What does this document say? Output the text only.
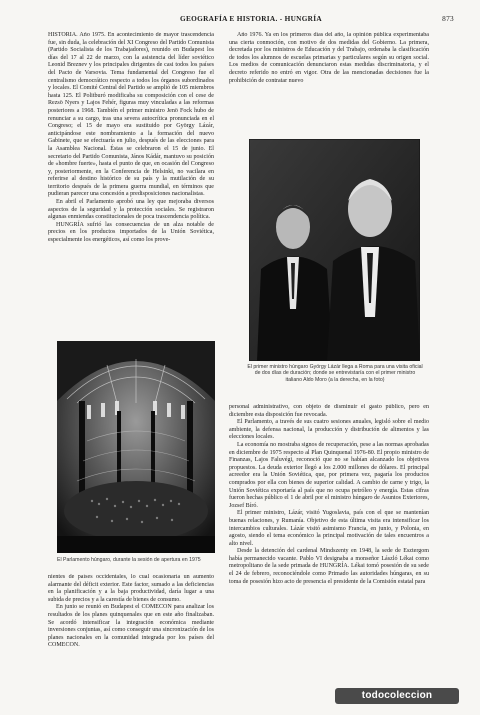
GEOGRAFÍA E HISTORIA. - HUNGRÍA	873

HISTORIA. Año 1975. En acontecimiento de mayor trascendencia fue, sin duda, la celebración del XI Congreso del Partido Comunista (Partido Socialista de los Trabajadores), reunido en Budapest los días del 17 al 22 de marzo, con la asistencia del líder soviético Leonid Breznev y los principales dirigentes de casi todos los países del Pacto de Varsovia. Tema fundamental del Congreso fue el centralismo democrático respecto a todos los órganos subordinados y locales. El Comité Central del Partido se amplió de 105 miembros hasta 125. El Politburó modificaba su composición con el cese de Rezsö Nyers y Lajos Fehér, figuras muy vinculadas a las reformas posteriores a 1968. También el primer ministro Jenö Fock hubo de renunciar a su cargo, tras una severa autocrítica pronunciada en el Congreso; el 15 de mayo era sustituido por György Lázár, anticipándose este nombramiento a la formación del nuevo Gabinete, que se efectuaría en julio, después de las elecciones para la Asamblea Nacional. Éstas se celebraron el 15 de junio. El secretario del Partido Comunista, János Kádár, mantuvo su posición de «hombre fuerte», hasta el punto de que, en ocasión del Congreso y, posteriormente, en la Conferencia de Helsinki, no vacilara en referirse al destino histórico de su país y la mutilación de su territorio después de la primera guerra mundial, en términos que pudieran parecer una concesión a predisposiciones nacionalistas.

En abril el Parlamento aprobó una ley que mejoraba diversos aspectos de la seguridad y la protección sociales. Se registraron algunas enmiendas constitucionales de poca trascendencia política.

HUNGRÍA sufrió las consecuencias de un alza notable de precios en los productos importados de la Unión Soviética, especialmente los energéticos, así como los prove-

Año 1976. Ya en los primeros días del año, la opinión pública experimentaba una cierta conmoción, con motivo de dos medidas del Gobierno. La primera, decretada por los ministros de Educación y del Trabajo, ordenaba la clasificación de todos los alumnos de escuelas primarias y particulares según su origen social. Los medios de comunicación denunciaron estas medidas discriminatoria, y el decreto referido no entró en vigor. Otra de las mencionadas decisiones fue la prohibición de contratar nuevo

El Parlamento húngaro, durante la sesión de apertura en 1975
El primer ministro húngaro György Lázár llega a Roma para una visita oficial de dos días de duración; donde se entrevistaría con el primer ministro italiano Aldo Moro (a la derecha, en la foto)

nientes de países occidentales, lo cual ocasionaría un aumento alarmante del déficit exterior. Este factor, sumado a las deficiencias en la planificación y a la baja productividad, daría lugar a una subida de precios y a la carestía de bienes de consumo.

En junio se reunió en Budapest el COMECON para analizar los resultados de los planes quinquenales que en este año finalizaban. Se acordó intensificar la integración económica mediante inversiones conjuntas, así como conseguir una sincronización de los planes nacionales en la comunidad integrada por los países del COMECON.

personal administrativo, con objeto de disminuir el gasto público, pero en diciembre esta disposición fue revocada.

El Parlamento, a través de sus cuatro sesiones anuales, legisló sobre el medio ambiente, la defensa nacional, la producción y distribución de alimentos y las elecciones locales.

La economía no mostraba signos de recuperación, pese a las normas aprobadas en diciembre de 1975 respecto al Plan Quinquenal 1976-80. El propio ministro de Finanzas, Lajos Faluvégi, reconoció que no se habían alcanzado los objetivos propuestos. La deuda exterior llegó a los 2.000 millones de dólares. El principal acreedor era la Unión Soviética, que, por primera vez, pagaría los productos comprados por ella con bienes de superior calidad. A cambio de carne y trigo, la Unión Soviética exportaría al país que no ocupa petróleo y energía. Estas cifras fueron hechas público el 1 de abril por el ministro húngaro de Asuntos Exteriores, Jozsef Bíró.

El primer ministro, Lázár, visitó Yugoslavia, país con el que se mantenían buenas relaciones, y Rumanía. Objetivo de esta última visita era intensificar los intercambios culturales. Lázár visitó asimismo Francia, en junio, y Polonia, en agosto, siendo el tema económico la principal motivación de tales encuentros a alto nivel.

Desde la detención del cardenal Mindszenty en 1948, la sede de Esztergom había permanecido vacante. Pablo VI designaba a monseñor László Lékai como metropolitano de la sede primada de HUNGRÍA. Lékai tomó posesión de su sede el 24 de febrero, reconociéndole como Primado las autoridades húngaras, en su toma de posesión hizo acto de presencia el presidente de la Comisión estatal para

todocoleccion
